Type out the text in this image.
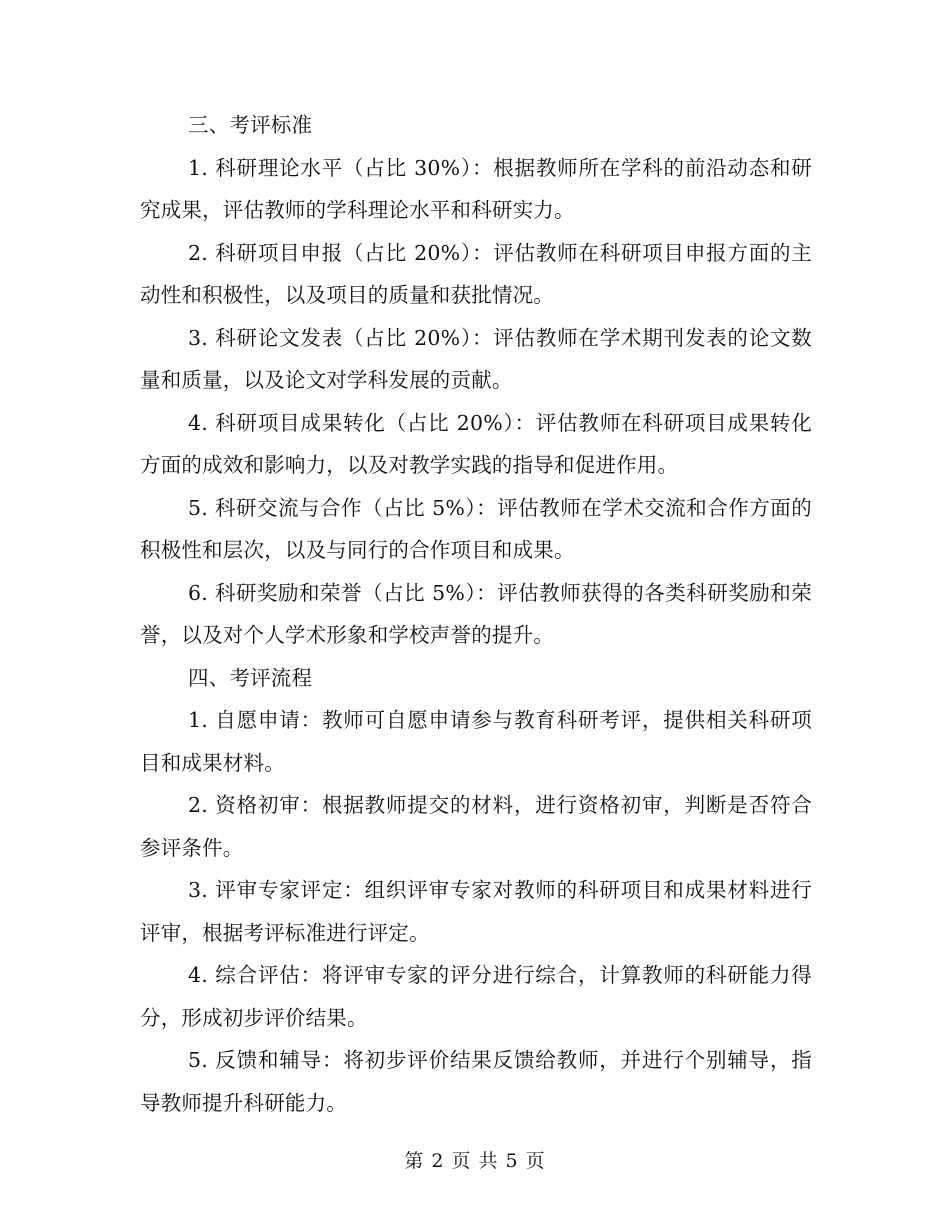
三、考评标准

1. 科研理论水平（占比 30%）：根据教师所在学科的前沿动态和研究成果，评估教师的学科理论水平和科研实力。

2. 科研项目申报（占比 20%）：评估教师在科研项目申报方面的主动性和积极性，以及项目的质量和获批情况。

3. 科研论文发表（占比 20%）：评估教师在学术期刊发表的论文数量和质量，以及论文对学科发展的贡献。

4. 科研项目成果转化（占比 20%）：评估教师在科研项目成果转化方面的成效和影响力，以及对教学实践的指导和促进作用。

5. 科研交流与合作（占比 5%）：评估教师在学术交流和合作方面的积极性和层次，以及与同行的合作项目和成果。

6. 科研奖励和荣誉（占比 5%）：评估教师获得的各类科研奖励和荣誉，以及对个人学术形象和学校声誉的提升。

四、考评流程

1. 自愿申请：教师可自愿申请参与教育科研考评，提供相关科研项目和成果材料。

2. 资格初审：根据教师提交的材料，进行资格初审，判断是否符合参评条件。

3. 评审专家评定：组织评审专家对教师的科研项目和成果材料进行评审，根据考评标准进行评定。

4. 综合评估：将评审专家的评分进行综合，计算教师的科研能力得分，形成初步评价结果。

5. 反馈和辅导：将初步评价结果反馈给教师，并进行个别辅导，指导教师提升科研能力。

第 2 页 共 5 页
